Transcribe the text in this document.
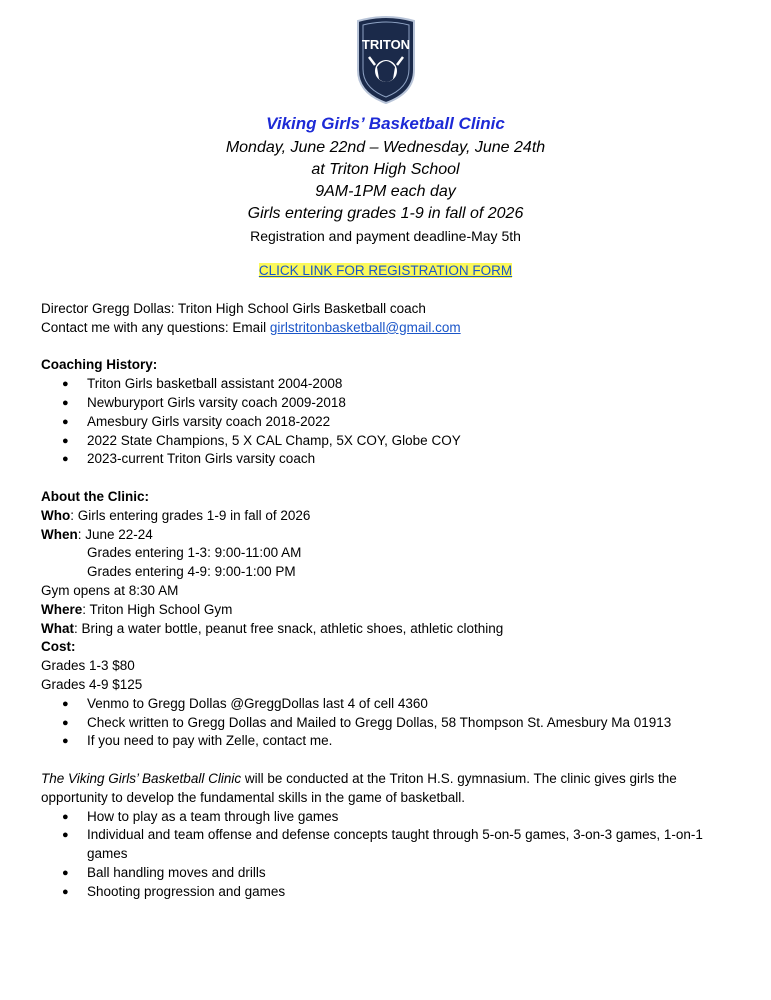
TRITON
Viking Girls’ Basketball Clinic
Monday, June 22nd – Wednesday, June 24th
at Triton High School
9AM-1PM each day
Girls entering grades 1-9 in fall of 2026
Registration and payment deadline-May 5th
CLICK LINK FOR REGISTRATION FORM
Director Gregg Dollas: Triton High School Girls Basketball coach
Contact me with any questions: Email girlstritonbasketball@gmail.com
Coaching History:
● Triton Girls basketball assistant 2004-2008
● Newburyport Girls varsity coach 2009-2018
● Amesbury Girls varsity coach 2018-2022
● 2022 State Champions, 5 X CAL Champ, 5X COY, Globe COY
● 2023-current Triton Girls varsity coach
About the Clinic:
Who: Girls entering grades 1-9 in fall of 2026
When: June 22-24
Grades entering 1-3: 9:00-11:00 AM
Grades entering 4-9: 9:00-1:00 PM
Gym opens at 8:30 AM
Where: Triton High School Gym
What: Bring a water bottle, peanut free snack, athletic shoes, athletic clothing
Cost:
Grades 1-3 $80
Grades 4-9 $125
● Venmo to Gregg Dollas @GreggDollas last 4 of cell 4360
● Check written to Gregg Dollas and Mailed to Gregg Dollas, 58 Thompson St. Amesbury Ma 01913
● If you need to pay with Zelle, contact me.
The Viking Girls’ Basketball Clinic will be conducted at the Triton H.S. gymnasium. The clinic gives girls the opportunity to develop the fundamental skills in the game of basketball.
● How to play as a team through live games
● Individual and team offense and defense concepts taught through 5-on-5 games, 3-on-3 games, 1-on-1 games
● Ball handling moves and drills
● Shooting progression and games
